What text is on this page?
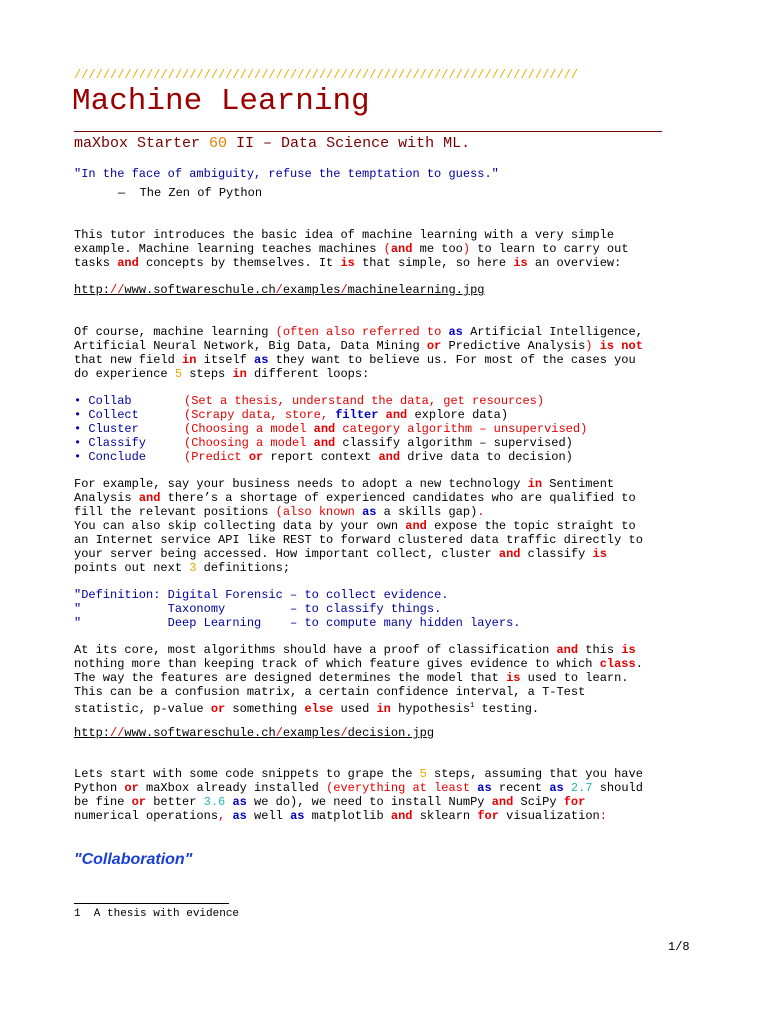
//////////////////////////////////////////////////////////////////////
Machine Learning
maXbox Starter 60 II – Data Science with ML.
"In the face of ambiguity, refuse the temptation to guess."
—  The Zen of Python
This tutor introduces the basic idea of machine learning with a very simple
example. Machine learning teaches machines (and me too) to learn to carry out
tasks and concepts by themselves. It is that simple, so here is an overview:
http://www.softwareschule.ch/examples/machinelearning.jpg
Of course, machine learning (often also referred to as Artificial Intelligence,
Artificial Neural Network, Big Data, Data Mining or Predictive Analysis) is not
that new field in itself as they want to believe us. For most of the cases you
do experience 5 steps in different loops:
• Collab	(Set a thesis, understand the data, get resources)
• Collect	(Scrapy data, store, filter and explore data)
• Cluster	(Choosing a model and category algorithm – unsupervised)
• Classify	(Choosing a model and classify algorithm – supervised)
• Conclude	(Predict or report context and drive data to decision)
For example, say your business needs to adopt a new technology in Sentiment
Analysis and there’s a shortage of experienced candidates who are qualified to
fill the relevant positions (also known as a skills gap).
You can also skip collecting data by your own and expose the topic straight to
an Internet service API like REST to forward clustered data traffic directly to
your server being accessed. How important collect, cluster and classify is
points out next 3 definitions;
"Definition: Digital Forensic – to collect evidence.
"            Taxonomy         – to classify things.
"            Deep Learning    – to compute many hidden layers.
At its core, most algorithms should have a proof of classification and this is
nothing more than keeping track of which feature gives evidence to which class.
The way the features are designed determines the model that is used to learn.
This can be a confusion matrix, a certain confidence interval, a T-Test
statistic, p-value or something else used in hypothesis$^1$ testing.
http://www.softwareschule.ch/examples/decision.jpg
Lets start with some code snippets to grape the 5 steps, assuming that you have
Python or maXbox already installed (everything at least as recent as 2.7 should
be fine or better 3.6 as we do), we need to install NumPy and SciPy for
numerical operations, as well as matplotlib and sklearn for visualization:
"Collaboration"
1  A thesis with evidence
1/8
